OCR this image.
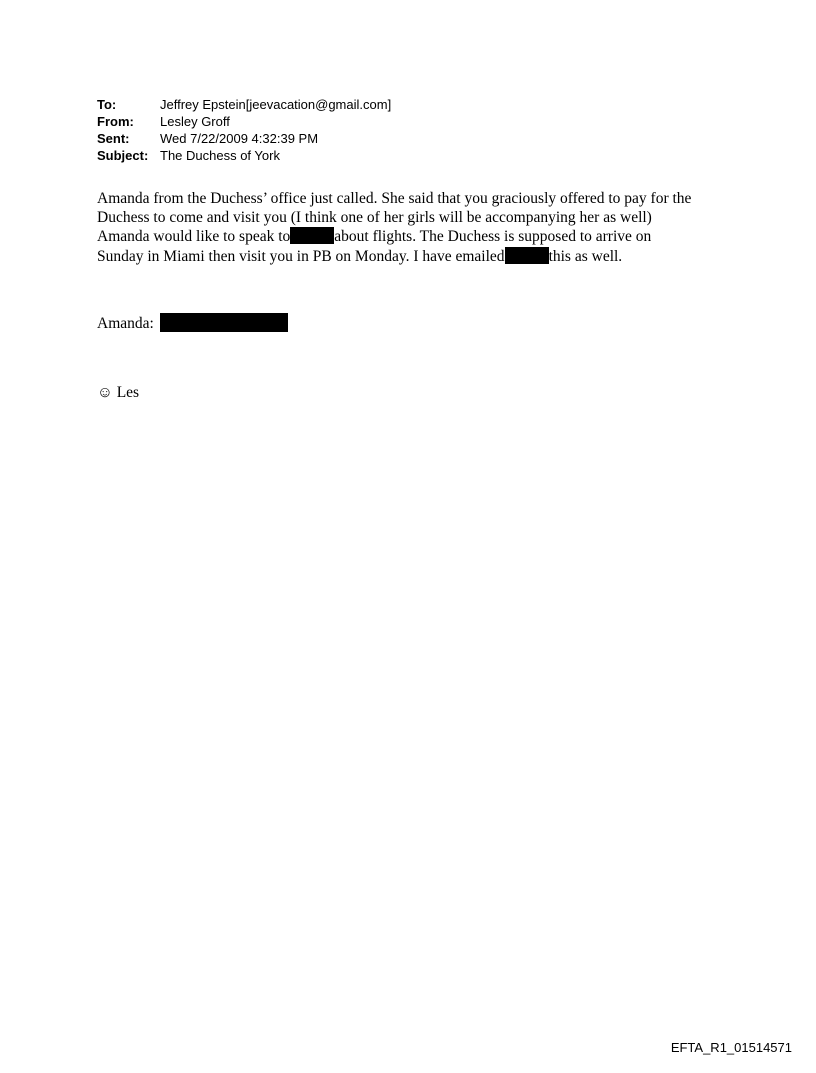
To:	Jeffrey Epstein[jeevacation@gmail.com]
From:	Lesley Groff
Sent:	Wed 7/22/2009 4:32:39 PM
Subject: The Duchess of York
Amanda from the Duchess’ office just called. She said that you graciously offered to pay for the
Duchess to come and visit you (I think one of her girls will be accompanying her as well)
Amanda would like to speak to	about flights. The Duchess is supposed to arrive on
Sunday in Miami then visit you in PB on Monday. I have emailed	this as well.
Amanda:
☺ Les
EFTA_R1_01514571
